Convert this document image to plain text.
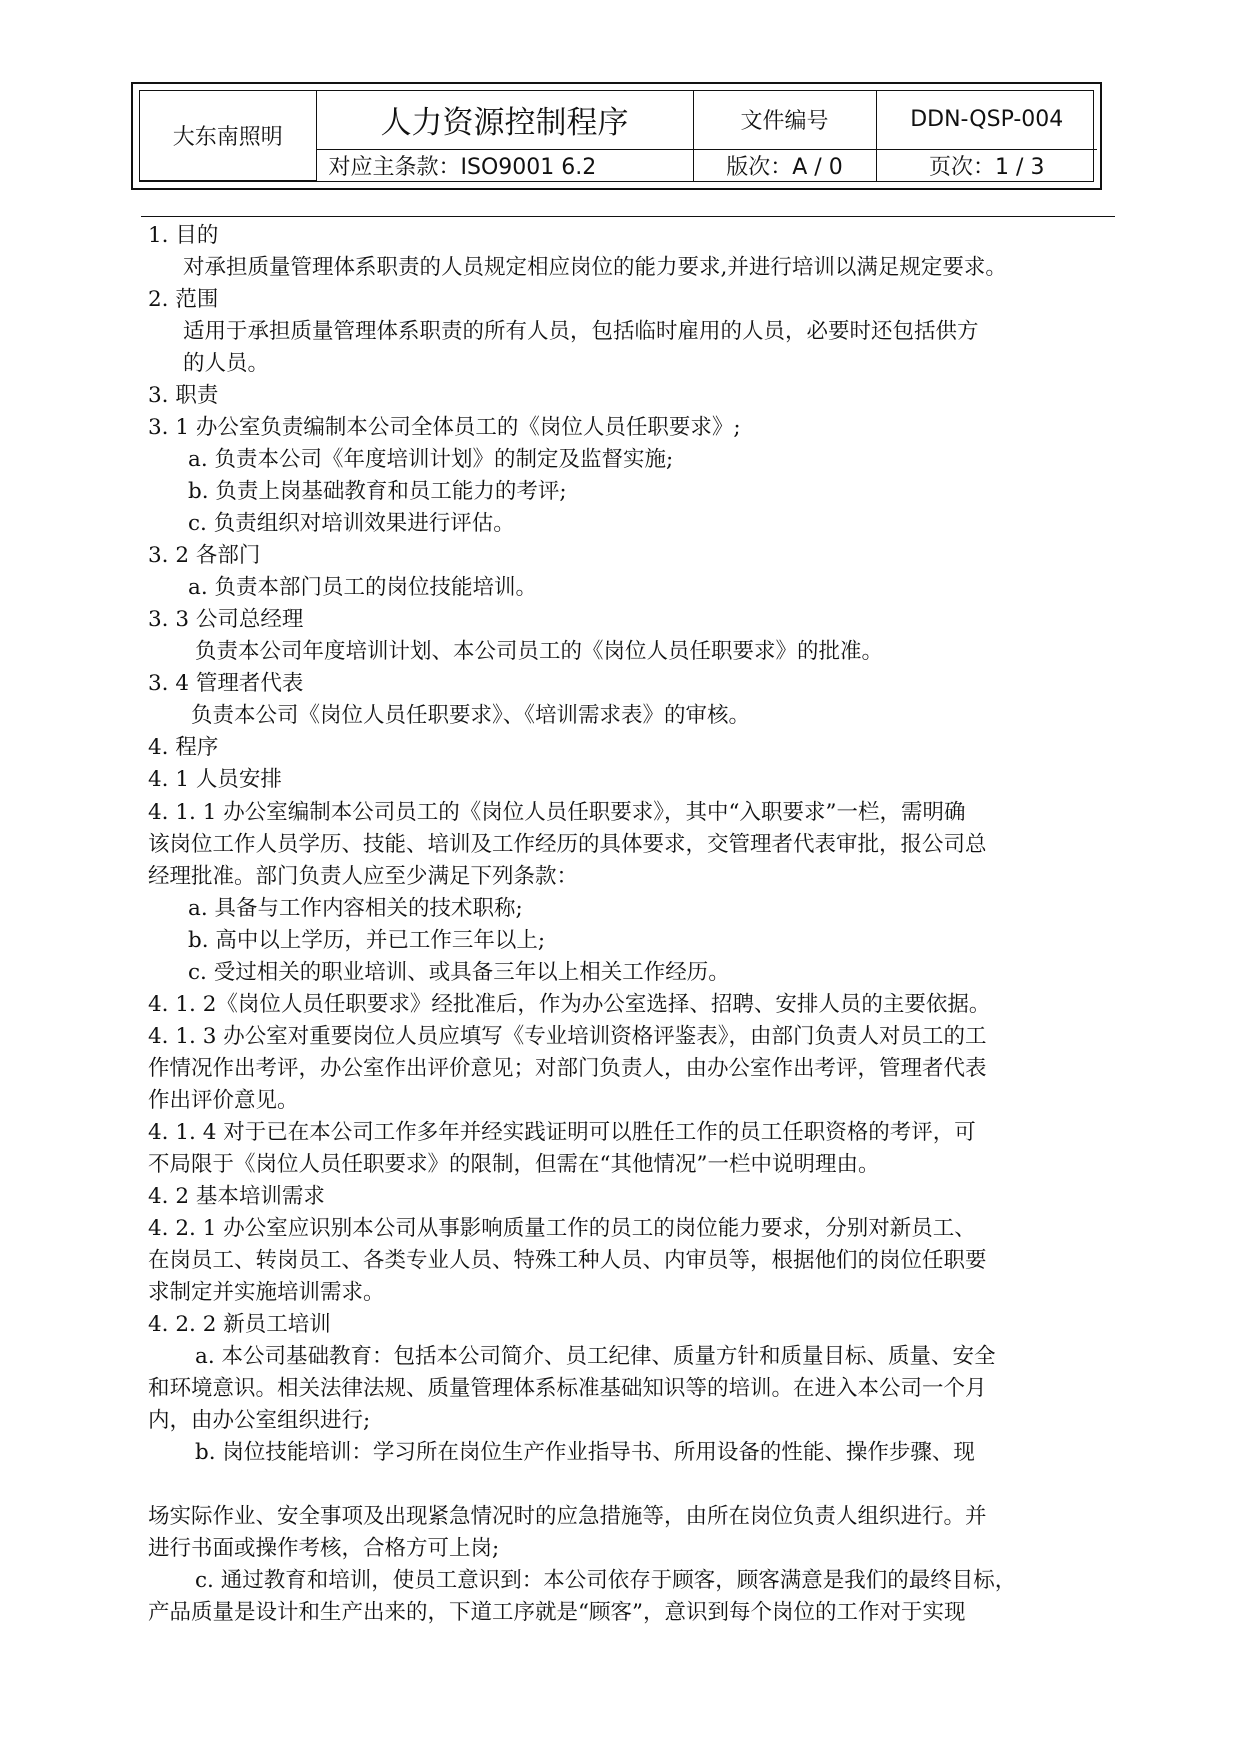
大东南照明	人力资源控制程序	文件编号	DDN-QSP-004
	对应主条款：ISO9001 6.2	版次：A / 0	页次：1 / 3
1. 目的
对承担质量管理体系职责的人员规定相应岗位的能力要求,并进行培训以满足规定要求。
2. 范围
适用于承担质量管理体系职责的所有人员，包括临时雇用的人员，必要时还包括供方
的人员。
3. 职责
3. 1 办公室负责编制本公司全体员工的《岗位人员任职要求》;
a. 负责本公司《年度培训计划》的制定及监督实施;
b. 负责上岗基础教育和员工能力的考评;
c. 负责组织对培训效果进行评估。
3. 2 各部门
a. 负责本部门员工的岗位技能培训。
3. 3 公司总经理
负责本公司年度培训计划、本公司员工的《岗位人员任职要求》的批准。
3. 4 管理者代表
负责本公司《岗位人员任职要求》、《培训需求表》的审核。
4. 程序
4. 1 人员安排
4. 1. 1 办公室编制本公司员工的《岗位人员任职要求》，其中“入职要求”一栏，需明确
该岗位工作人员学历、技能、培训及工作经历的具体要求，交管理者代表审批，报公司总
经理批准。部门负责人应至少满足下列条款：
a. 具备与工作内容相关的技术职称;
b. 高中以上学历，并已工作三年以上;
c. 受过相关的职业培训、或具备三年以上相关工作经历。
4. 1. 2《岗位人员任职要求》经批准后，作为办公室选择、招聘、安排人员的主要依据。
4. 1. 3 办公室对重要岗位人员应填写《专业培训资格评鉴表》，由部门负责人对员工的工
作情况作出考评，办公室作出评价意见；对部门负责人，由办公室作出考评，管理者代表
作出评价意见。
4. 1. 4 对于已在本公司工作多年并经实践证明可以胜任工作的员工任职资格的考评，可
不局限于《岗位人员任职要求》的限制，但需在“其他情况”一栏中说明理由。
4. 2 基本培训需求
4. 2. 1 办公室应识别本公司从事影响质量工作的员工的岗位能力要求，分别对新员工、
在岗员工、转岗员工、各类专业人员、特殊工种人员、内审员等，根据他们的岗位任职要
求制定并实施培训需求。
4. 2. 2 新员工培训
a. 本公司基础教育：包括本公司简介、员工纪律、质量方针和质量目标、质量、安全
和环境意识。相关法律法规、质量管理体系标准基础知识等的培训。在进入本公司一个月
内，由办公室组织进行;
b. 岗位技能培训：学习所在岗位生产作业指导书、所用设备的性能、操作步骤、现
场实际作业、安全事项及出现紧急情况时的应急措施等，由所在岗位负责人组织进行。并
进行书面或操作考核，合格方可上岗;
c. 通过教育和培训，使员工意识到：本公司依存于顾客，顾客满意是我们的最终目标，
产品质量是设计和生产出来的，下道工序就是“顾客”，意识到每个岗位的工作对于实现
